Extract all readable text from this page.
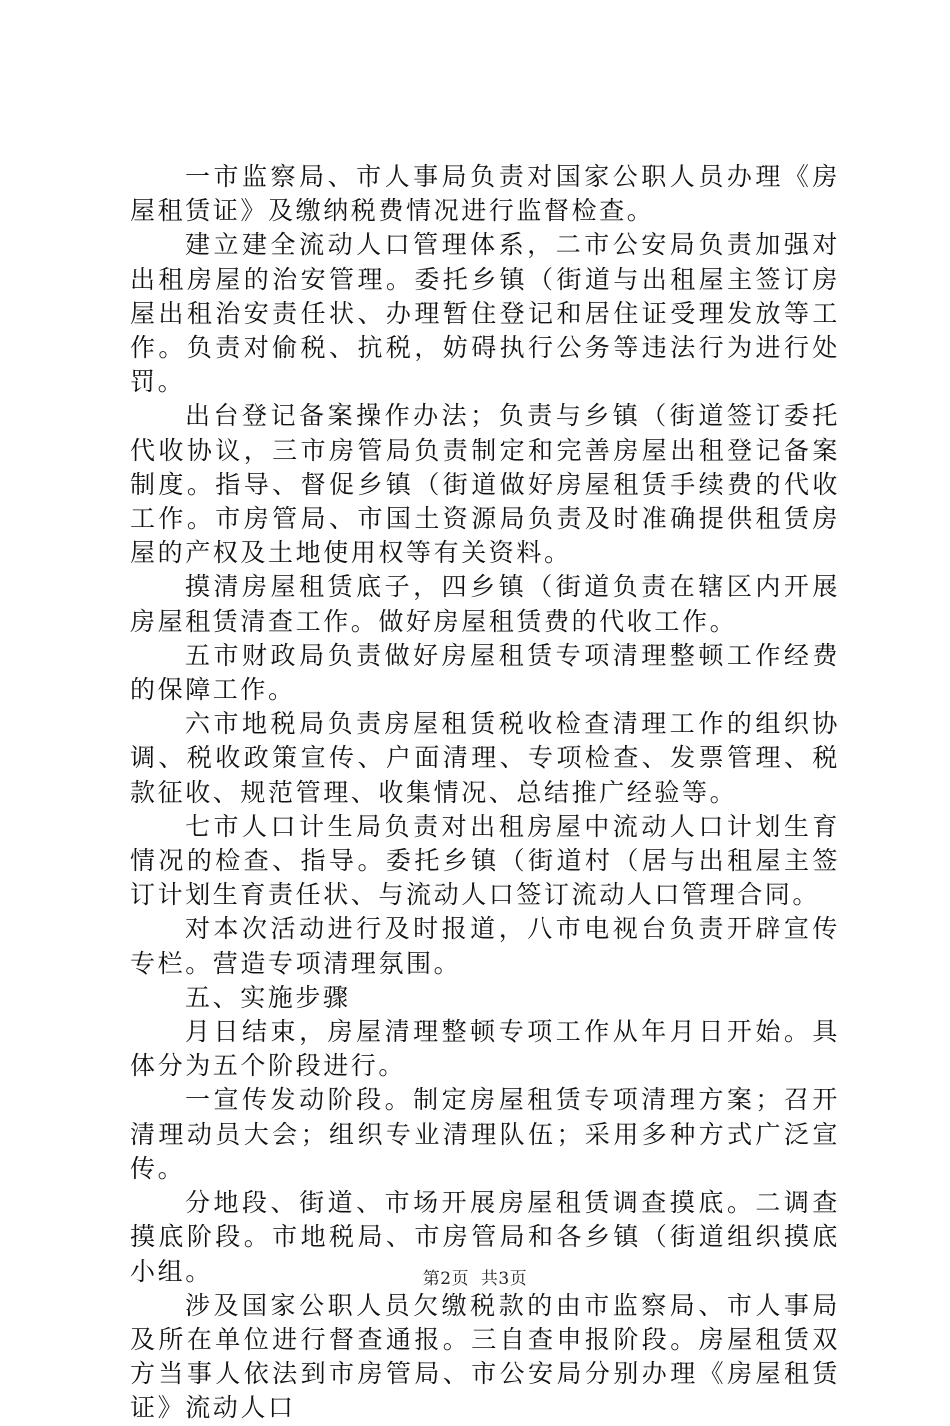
一市监察局、市人事局负责对国家公职人员办理《房屋租赁证》及缴纳税费情况进行监督检查。

建立建全流动人口管理体系，二市公安局负责加强对出租房屋的治安管理。委托乡镇（街道与出租屋主签订房屋出租治安责任状、办理暂住登记和居住证受理发放等工作。负责对偷税、抗税，妨碍执行公务等违法行为进行处罚。

出台登记备案操作办法；负责与乡镇（街道签订委托代收协议，三市房管局负责制定和完善房屋出租登记备案制度。指导、督促乡镇（街道做好房屋租赁手续费的代收工作。市房管局、市国土资源局负责及时准确提供租赁房屋的产权及土地使用权等有关资料。

摸清房屋租赁底子，四乡镇（街道负责在辖区内开展房屋租赁清查工作。做好房屋租赁费的代收工作。

五市财政局负责做好房屋租赁专项清理整顿工作经费的保障工作。

六市地税局负责房屋租赁税收检查清理工作的组织协调、税收政策宣传、户面清理、专项检查、发票管理、税款征收、规范管理、收集情况、总结推广经验等。

七市人口计生局负责对出租房屋中流动人口计划生育情况的检查、指导。委托乡镇（街道村（居与出租屋主签订计划生育责任状、与流动人口签订流动人口管理合同。

对本次活动进行及时报道，八市电视台负责开辟宣传专栏。营造专项清理氛围。

五、实施步骤

月日结束，房屋清理整顿专项工作从年月日开始。具体分为五个阶段进行。

一宣传发动阶段。制定房屋租赁专项清理方案；召开清理动员大会；组织专业清理队伍；采用多种方式广泛宣传。

分地段、街道、市场开展房屋租赁调查摸底。二调查摸底阶段。市地税局、市房管局和各乡镇（街道组织摸底小组。

涉及国家公职人员欠缴税款的由市监察局、市人事局及所在单位进行督查通报。三自查申报阶段。房屋租赁双方当事人依法到市房管局、市公安局分别办理《房屋租赁证》流动人口

第2页  共3页
